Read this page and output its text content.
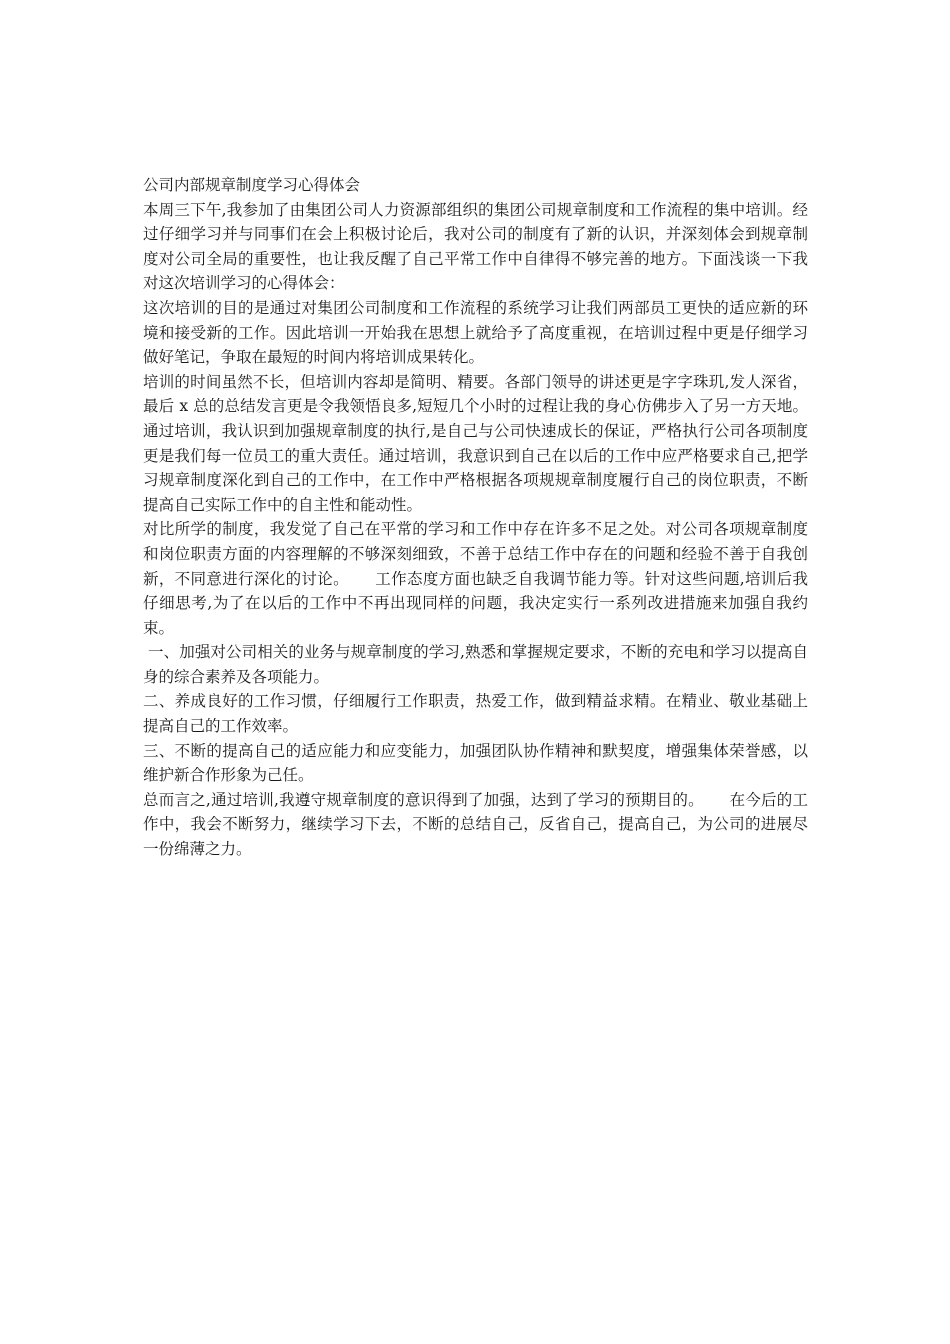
公司内部规章制度学习心得体会

本周三下午,我参加了由集团公司人力资源部组织的集团公司规章制度和工作流程的集中培训。经过仔细学习并与同事们在会上积极讨论后，我对公司的制度有了新的认识，并深刻体会到规章制度对公司全局的重要性，也让我反醒了自己平常工作中自律得不够完善的地方。下面浅谈一下我对这次培训学习的心得体会：

这次培训的目的是通过对集团公司制度和工作流程的系统学习让我们两部员工更快的适应新的环境和接受新的工作。因此培训一开始我在思想上就给予了高度重视，在培训过程中更是仔细学习做好笔记，争取在最短的时间内将培训成果转化。

培训的时间虽然不长，但培训内容却是简明、精要。各部门领导的讲述更是字字珠玑,发人深省，最后 x 总的总结发言更是令我领悟良多,短短几个小时的过程让我的身心仿佛步入了另一方天地。通过培训，我认识到加强规章制度的执行,是自己与公司快速成长的保证，严格执行公司各项制度更是我们每一位员工的重大责任。通过培训，我意识到自己在以后的工作中应严格要求自己,把学习规章制度深化到自己的工作中，在工作中严格根据各项规规章制度履行自己的岗位职责，不断提高自己实际工作中的自主性和能动性。

对比所学的制度，我发觉了自己在平常的学习和工作中存在许多不足之处。对公司各项规章制度和岗位职责方面的内容理解的不够深刻细致，不善于总结工作中存在的问题和经验不善于自我创新，不同意进行深化的讨论。     工作态度方面也缺乏自我调节能力等。针对这些问题,培训后我仔细思考,为了在以后的工作中不再出现同样的问题，我决定实行一系列改进措施来加强自我约束。

一、加强对公司相关的业务与规章制度的学习,熟悉和掌握规定要求，不断的充电和学习以提高自身的综合素养及各项能力。

二、养成良好的工作习惯，仔细履行工作职责，热爱工作，做到精益求精。在精业、敬业基础上提高自己的工作效率。

三、不断的提高自己的适应能力和应变能力，加强团队协作精神和默契度，增强集体荣誉感，以维护新合作形象为己任。

总而言之,通过培训,我遵守规章制度的意识得到了加强，达到了学习的预期目的。     在今后的工作中，我会不断努力，继续学习下去，不断的总结自己，反省自己，提高自己，为公司的进展尽一份绵薄之力。
